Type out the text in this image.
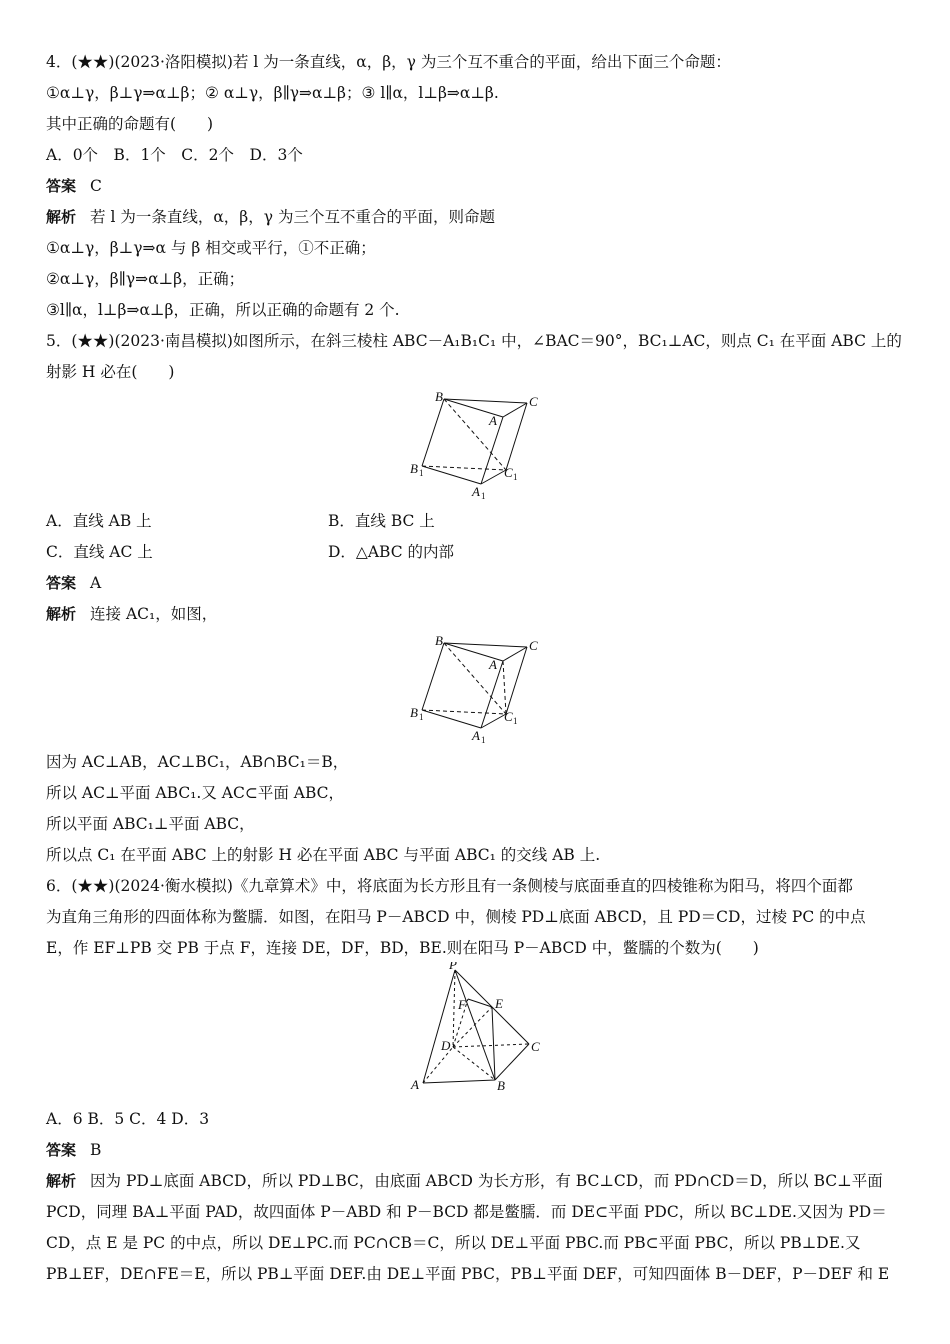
4．(★★)(2023·洛阳模拟)若 l 为一条直线，α，β，γ 为三个互不重合的平面，给出下面三个命题：
①α⊥γ，β⊥γ⇒α⊥β；② α⊥γ，β∥γ⇒α⊥β；③ l∥α，l⊥β⇒α⊥β.
其中正确的命题有(　　)
A．0个　B．1个　C．2个　D．3个
答案 C
解析 若 l 为一条直线，α，β，γ 为三个互不重合的平面，则命题
①α⊥γ，β⊥γ⇒α 与 β 相交或平行，①不正确；
②α⊥γ，β∥γ⇒α⊥β，正确；
③l∥α，l⊥β⇒α⊥β，正确，所以正确的命题有 2 个.
5．(★★)(2023·南昌模拟)如图所示，在斜三棱柱 ABC－A₁B₁C₁ 中，∠BAC＝90°，BC₁⊥AC，则点 C₁ 在平面 ABC 上的
射影 H 必在(　　)
B	C
A
B 1	C 1
A 1
A．直线 AB 上	B．直线 BC 上
C．直线 AC 上	D．△ABC 的内部
答案 A
解析 连接 AC₁，如图，
B	C
A
B 1	C 1
A 1
因为 AC⊥AB，AC⊥BC₁，AB∩BC₁＝B，
所以 AC⊥平面 ABC₁.又 AC⊂平面 ABC，
所以平面 ABC₁⊥平面 ABC，
所以点 C₁ 在平面 ABC 上的射影 H 必在平面 ABC 与平面 ABC₁ 的交线 AB 上.
6．(★★)(2024·衡水模拟)《九章算术》中，将底面为长方形且有一条侧棱与底面垂直的四棱锥称为阳马，将四个面都
为直角三角形的四面体称为鳖臑．如图，在阳马 P－ABCD 中，侧棱 PD⊥底面 ABCD，且 PD＝CD，过棱 PC 的中点
E，作 EF⊥PB 交 PB 于点 F，连接 DE，DF，BD，BE.则在阳马 P－ABCD 中，鳖臑的个数为(　　)
P
E
F
D	C
A	B
A．6 B．5 C．4 D．3
答案 B
解析 因为 PD⊥底面 ABCD，所以 PD⊥BC，由底面 ABCD 为长方形，有 BC⊥CD，而 PD∩CD＝D，所以 BC⊥平面
PCD，同理 BA⊥平面 PAD，故四面体 P－ABD 和 P－BCD 都是鳖臑．而 DE⊂平面 PDC，所以 BC⊥DE.又因为 PD＝
CD，点 E 是 PC 的中点，所以 DE⊥PC.而 PC∩CB＝C，所以 DE⊥平面 PBC.而 PB⊂平面 PBC，所以 PB⊥DE.又
PB⊥EF，DE∩FE＝E，所以 PB⊥平面 DEF.由 DE⊥平面 PBC，PB⊥平面 DEF，可知四面体 B－DEF，P－DEF 和 E
